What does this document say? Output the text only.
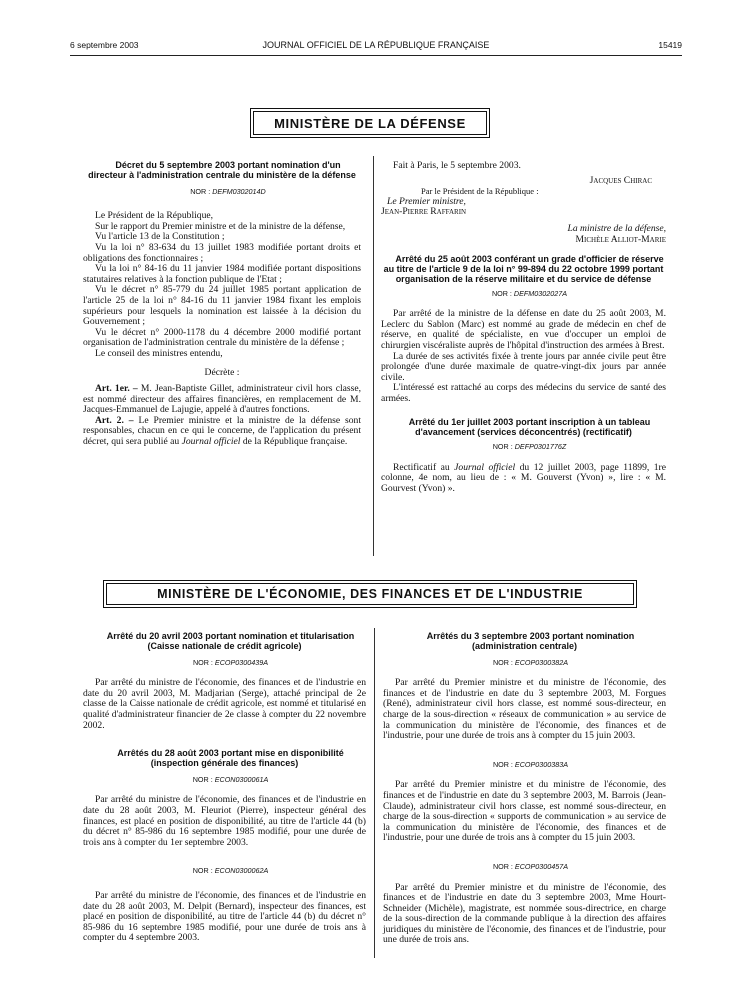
6 septembre 2003	JOURNAL OFFICIEL DE LA RÉPUBLIQUE FRANÇAISE	15419
MINISTÈRE DE LA DÉFENSE

Décret du 5 septembre 2003 portant nomination d'un directeur à l'administration centrale du ministère de la défense

NOR : DEFM0302014D

Le Président de la République,

Sur le rapport du Premier ministre et de la ministre de la défense,

Vu l'article 13 de la Constitution ;

Vu la loi n° 83-634 du 13 juillet 1983 modifiée portant droits et obligations des fonctionnaires ;

Vu la loi n° 84-16 du 11 janvier 1984 modifiée portant dispositions statutaires relatives à la fonction publique de l'Etat ;

Vu le décret n° 85-779 du 24 juillet 1985 portant application de l'article 25 de la loi n° 84-16 du 11 janvier 1984 fixant les emplois supérieurs pour lesquels la nomination est laissée à la décision du Gouvernement ;

Vu le décret n° 2000-1178 du 4 décembre 2000 modifié portant organisation de l'administration centrale du ministère de la défense ;

Le conseil des ministres entendu,

Décrète :

Art. 1er. – M. Jean-Baptiste Gillet, administrateur civil hors classe, est nommé directeur des affaires financières, en remplacement de M. Jacques-Emmanuel de Lajugie, appelé à d'autres fonctions.

Art. 2. – Le Premier ministre et la ministre de la défense sont responsables, chacun en ce qui le concerne, de l'application du présent décret, qui sera publié au Journal officiel de la République française.

Fait à Paris, le 5 septembre 2003.

Jacques Chirac

Par le Président de la République :

Le Premier ministre,

Jean-Pierre Raffarin

La ministre de la défense,

Michèle Alliot-Marie

Arrêté du 25 août 2003 conférant un grade d'officier de réserve au titre de l'article 9 de la loi n° 99-894 du 22 octobre 1999 portant organisation de la réserve militaire et du service de défense

NOR : DEFM0302027A

Par arrêté de la ministre de la défense en date du 25 août 2003, M. Leclerc du Sablon (Marc) est nommé au grade de médecin en chef de réserve, en qualité de spécialiste, en vue d'occuper un emploi de chirurgien viscéraliste auprès de l'hôpital d'instruction des armées à Brest.

La durée de ses activités fixée à trente jours par année civile peut être prolongée d'une durée maximale de quatre-vingt-dix jours par année civile.

L'intéressé est rattaché au corps des médecins du service de santé des armées.

Arrêté du 1er juillet 2003 portant inscription à un tableau d'avancement (services déconcentrés) (rectificatif)

NOR : DEFP0301776Z

Rectificatif au Journal officiel du 12 juillet 2003, page 11899, 1re colonne, 4e nom, au lieu de : « M. Gouverst (Yvon) », lire : « M. Gourvest (Yvon) ».

MINISTÈRE DE L'ÉCONOMIE, DES FINANCES ET DE L'INDUSTRIE

Arrêté du 20 avril 2003 portant nomination et titularisation (Caisse nationale de crédit agricole)

NOR : ECOP0300439A

Par arrêté du ministre de l'économie, des finances et de l'industrie en date du 20 avril 2003, M. Madjarian (Serge), attaché principal de 2e classe de la Caisse nationale de crédit agricole, est nommé et titularisé en qualité d'administrateur financier de 2e classe à compter du 22 novembre 2002.

Arrêtés du 28 août 2003 portant mise en disponibilité (inspection générale des finances)

NOR : ECON0300061A

Par arrêté du ministre de l'économie, des finances et de l'industrie en date du 28 août 2003, M. Fleuriot (Pierre), inspecteur général des finances, est placé en position de disponibilité, au titre de l'article 44 (b) du décret n° 85-986 du 16 septembre 1985 modifié, pour une durée de trois ans à compter du 1er septembre 2003.

NOR : ECON0300062A

Par arrêté du ministre de l'économie, des finances et de l'industrie en date du 28 août 2003, M. Delpit (Bernard), inspecteur des finances, est placé en position de disponibilité, au titre de l'article 44 (b) du décret n° 85-986 du 16 septembre 1985 modifié, pour une durée de trois ans à compter du 4 septembre 2003.

Arrêtés du 3 septembre 2003 portant nomination (administration centrale)

NOR : ECOP0300382A

Par arrêté du Premier ministre et du ministre de l'économie, des finances et de l'industrie en date du 3 septembre 2003, M. Forgues (René), administrateur civil hors classe, est nommé sous-directeur, en charge de la sous-direction « réseaux de communication » au service de la communication du ministère de l'économie, des finances et de l'industrie, pour une durée de trois ans à compter du 15 juin 2003.

NOR : ECOP0300383A

Par arrêté du Premier ministre et du ministre de l'économie, des finances et de l'industrie en date du 3 septembre 2003, M. Barrois (Jean-Claude), administrateur civil hors classe, est nommé sous-directeur, en charge de la sous-direction « supports de communication » au service de la communication du ministère de l'économie, des finances et de l'industrie, pour une durée de trois ans à compter du 15 juin 2003.

NOR : ECOP0300457A

Par arrêté du Premier ministre et du ministre de l'économie, des finances et de l'industrie en date du 3 septembre 2003, Mme Hourt-Schneider (Michèle), magistrate, est nommée sous-directrice, en charge de la sous-direction de la commande publique à la direction des affaires juridiques du ministère de l'économie, des finances et de l'industrie, pour une durée de trois ans.
